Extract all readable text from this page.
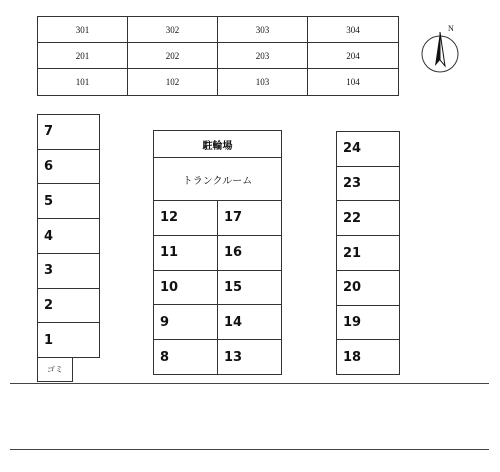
301	302	303	304
201	202	203	204
101	102	103	104
N
7
6
5
4
3
2
1
ゴミ
駐輪場
トランクルーム
12
11
10
9
8
17
16
15
14
13
24
23
22
21
20
19
18
